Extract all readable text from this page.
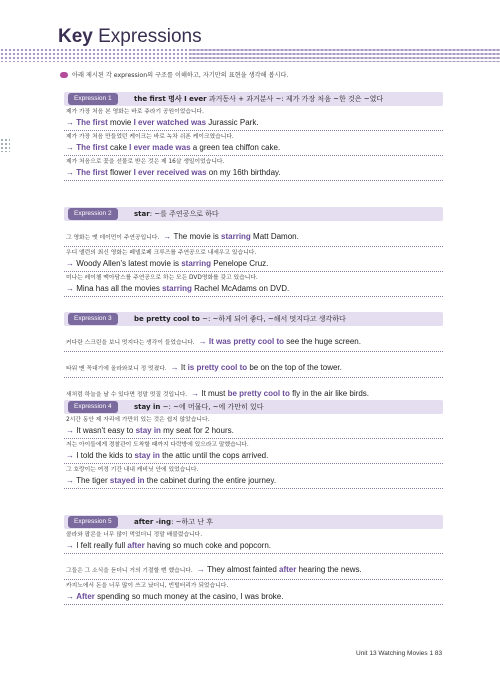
Key Expressions
아래 제시된 각 expression의 구조를 이해하고, 자기만의 표현을 생각해 봅시다.
Expression 1	the first 명사 I ever 과거동사 + 과거분사 ~: 제가 가장 처음 ~한 것은 ~였다
제가 가장 처음 본 영화는 바로 쥬라기 공원이었습니다.
→ The first movie I ever watched was Jurassic Park.
제가 가장 처음 만들었던 케이크는 바로 녹차 쉬폰 케이크였습니다.
→ The first cake I ever made was a green tea chiffon cake.
제가 처음으로 꽃을 선물로 받은 것은 제 16살 생일이었습니다.
→ The first flower I ever received was on my 16th birthday.
Expression 2	star: ~를 주연공으로 하다
그 영화는 맷 데이먼이 주연공입니다. → The movie is starring Matt Damon.
우디 앨런의 최신 영화는 페넬로페 크루즈를 주연공으로 내세우고 있습니다.
→ Woody Allen's latest movie is starring Penelope Cruz.
미나는 레이첼 맥아담스를 주연공으로 하는 모든 DVD영화를 갖고 있습니다.
→ Mina has all the movies starring Rachel McAdams on DVD.
Expression 3	be pretty cool to ~: ~하게 되어 좋다, ~해서 멋지다고 생각하다
커다란 스크린을 보니 멋지다는 생각이 들었습니다. → It was pretty cool to see the huge screen.
타워 맨 꼭대기에 올라와보니 정 멋졌다. → It is pretty cool to be on the top of the tower.
새처럼 하늘을 날 수 있다면 정말 멋질 것입니다. → It must be pretty cool to fly in the air like birds.
Expression 4	stay in ~: ~에 머물다, ~에 가만히 있다
2시간 동안 제 자리에 가만히 있는 것은 쉽지 않았습니다.
→ It wasn't easy to stay in my seat for 2 hours.
저는 아이들에게 경찰관이 도착할 때까지 다락방에 있으라고 말했습니다.
→ I told the kids to stay in the attic until the cops arrived.
그 호랑이는 여정 기간 내내 캐비닛 안에 있었습니다.
→ The tiger stayed in the cabinet during the entire journey.
Expression 5	after -ing: ~하고 난 후
콜라와 팝콘을 너무 많이 먹었더니 정말 배불렀습니다.
→ I felt really full after having so much coke and popcorn.
그들은 그 소식을 듣더니 거의 기절할 뻔 했습니다. → They almost fainted after hearing the news.
카지노에서 돈을 너무 많이 쓰고 났더니, 빈털터리가 되었습니다.
→ After spending so much money at the casino, I was broke.
Unit 13 Watching Movies 1 83
